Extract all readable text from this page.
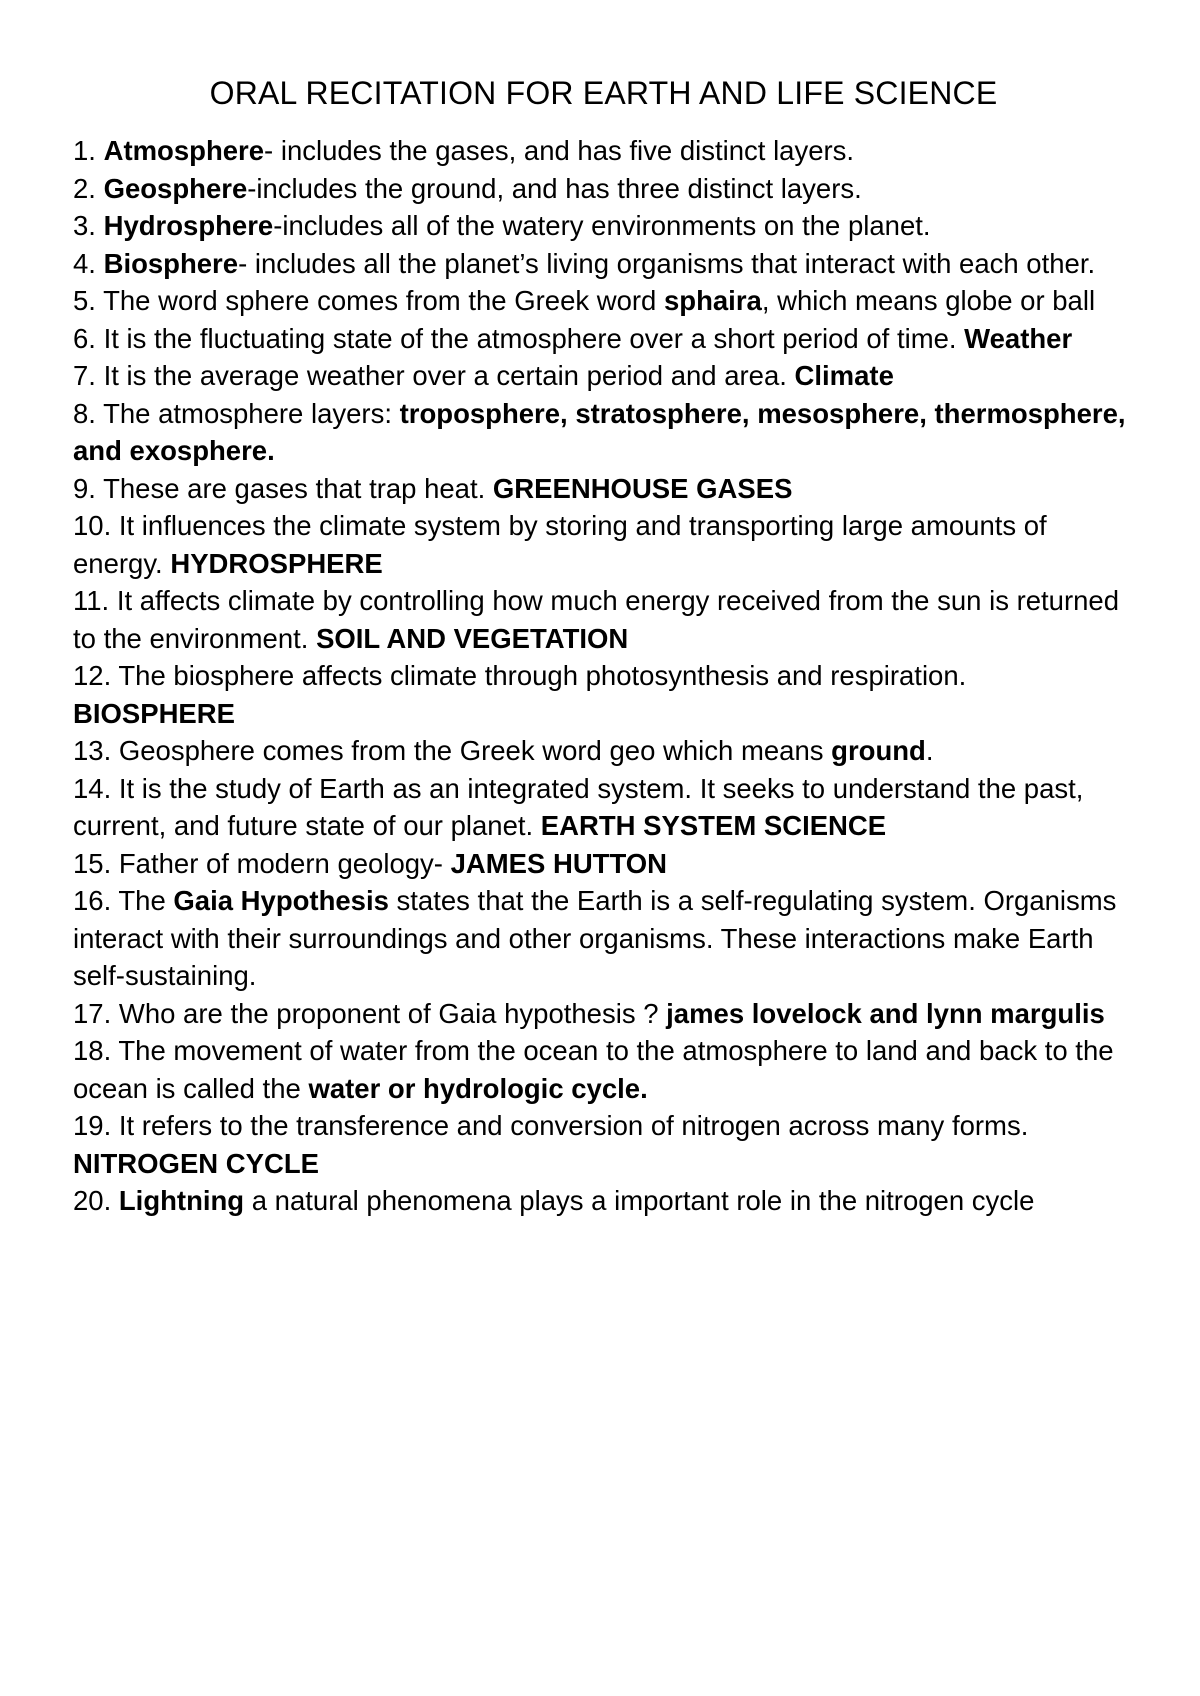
ORAL RECITATION FOR EARTH AND LIFE SCIENCE
1. Atmosphere- includes the gases, and has five distinct layers.
2. Geosphere-includes the ground, and has three distinct layers.
3. Hydrosphere-includes all of the watery environments on the planet.
4. Biosphere- includes all the planet’s living organisms that interact with each other.
5. The word sphere comes from the Greek word sphaira, which means globe or ball
6. It is the fluctuating state of the atmosphere over a short period of time. Weather
7. It is the average weather over a certain period and area. Climate
8. The atmosphere layers: troposphere, stratosphere, mesosphere, thermosphere, and exosphere.
9. These are gases that trap heat. GREENHOUSE GASES
10. It influences the climate system by storing and transporting large amounts of energy. HYDROSPHERE
11. It affects climate by controlling how much energy received from the sun is returned to the environment. SOIL AND VEGETATION
12. The biosphere affects climate through photosynthesis and respiration. BIOSPHERE
13. Geosphere comes from the Greek word geo which means ground.
14. It is the study of Earth as an integrated system. It seeks to understand the past, current, and future state of our planet. EARTH SYSTEM SCIENCE
15. Father of modern geology- JAMES HUTTON
16. The Gaia Hypothesis states that the Earth is a self-regulating system. Organisms interact with their surroundings and other organisms. These interactions make Earth self-sustaining.
17. Who are the proponent of Gaia hypothesis ? james lovelock and lynn margulis
18. The movement of water from the ocean to the atmosphere to land and back to the ocean is called the water or hydrologic cycle.
19. It refers to the transference and conversion of nitrogen across many forms. NITROGEN CYCLE
20. Lightning a natural phenomena plays a important role in the nitrogen cycle
